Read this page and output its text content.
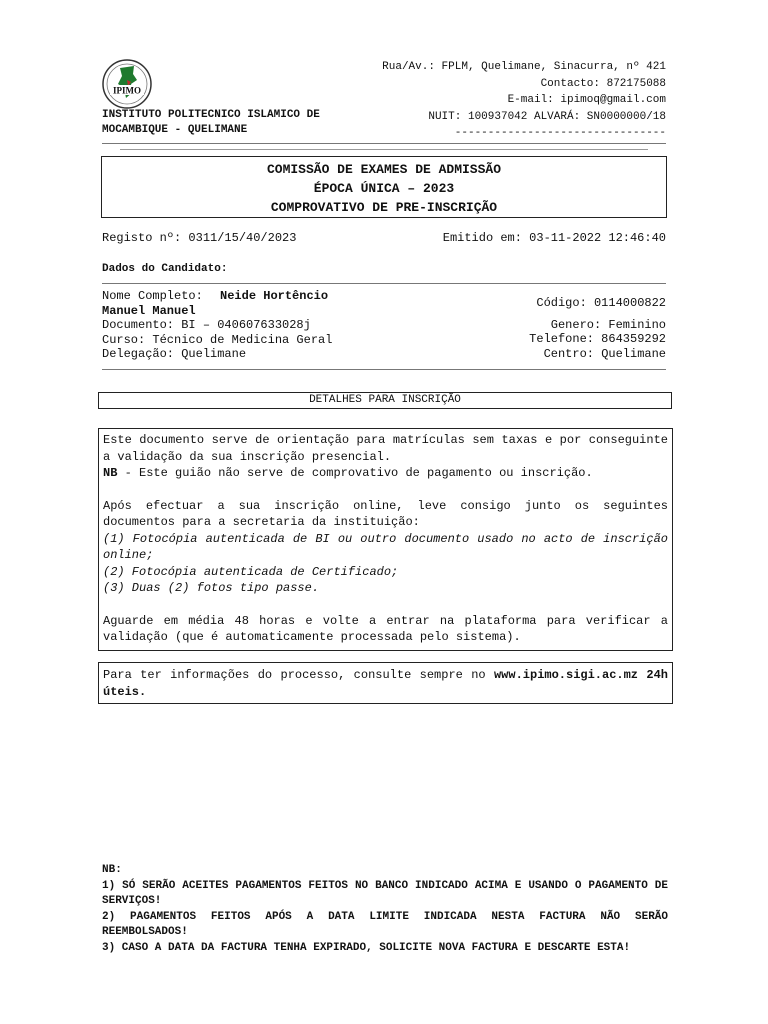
IPIMO
INSTITUTO POLITECNICO ISLAMICO DE
MOCAMBIQUE - QUELIMANE
Rua/Av.: FPLM, Quelimane, Sinacurra, nº 421
Contacto: 872175088
E-mail: ipimoq@gmail.com
NUIT: 100937042 ALVARÁ: SN0000000/18
--------------------------------
COMISSÃO DE EXAMES DE ADMISSÃO
ÉPOCA ÚNICA – 2023
COMPROVATIVO DE PRE-INSCRIÇÃO
Registo nº: 0311/15/40/2023	Emitido em: 03-11-2022 12:46:40
Dados do Candidato:
Nome Completo: Neide Hortêncio
Manuel Manuel
Documento: BI – 040607633028j
Curso: Técnico de Medicina Geral
Delegação: Quelimane
Código: 0114000822
Genero: Feminino
Telefone: 864359292
Centro: Quelimane
DETALHES PARA INSCRIÇÃO

Este documento serve de orientação para matrículas sem taxas e por conseguinte a validação da sua inscrição presencial.

NB - Este guião não serve de comprovativo de pagamento ou inscrição.

Após efectuar a sua inscrição online, leve consigo junto os seguintes documentos para a secretaria da instituição:

(1) Fotocópia autenticada de BI ou outro documento usado no acto de inscrição online;

(2) Fotocópia autenticada de Certificado;

(3) Duas (2) fotos tipo passe.

Aguarde em média 48 horas e volte a entrar na plataforma para verificar a validação (que é automaticamente processada pelo sistema).

Para ter informações do processo, consulte sempre no www.ipimo.sigi.ac.mz 24h úteis.

NB:

1) SÓ SERÃO ACEITES PAGAMENTOS FEITOS NO BANCO INDICADO ACIMA E USANDO O PAGAMENTO DE SERVIÇOS!

2) PAGAMENTOS FEITOS APÓS A DATA LIMITE INDICADA NESTA FACTURA NÃO SERÃO REEMBOLSADOS!

3) CASO A DATA DA FACTURA TENHA EXPIRADO, SOLICITE NOVA FACTURA E DESCARTE ESTA!
